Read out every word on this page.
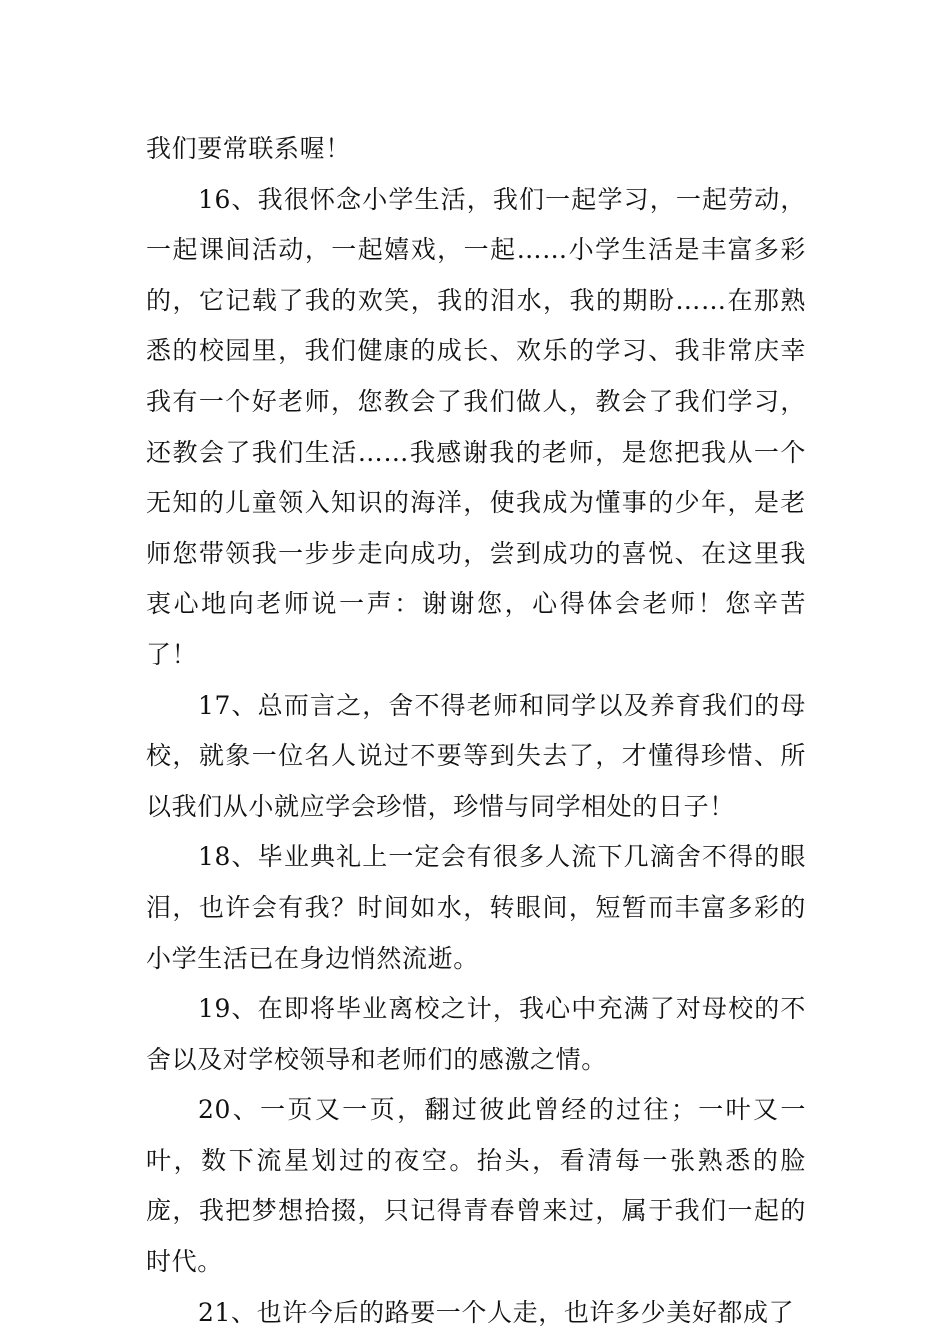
我们要常联系喔！

16、我很怀念小学生活，我们一起学习，一起劳动，一起课间活动，一起嬉戏，一起……小学生活是丰富多彩的，它记载了我的欢笑，我的泪水，我的期盼……在那熟悉的校园里，我们健康的成长、欢乐的学习、我非常庆幸我有一个好老师，您教会了我们做人，教会了我们学习，还教会了我们生活……我感谢我的老师，是您把我从一个无知的儿童领入知识的海洋，使我成为懂事的少年，是老师您带领我一步步走向成功，尝到成功的喜悦、在这里我衷心地向老师说一声：谢谢您，心得体会老师！您辛苦了！

17、总而言之，舍不得老师和同学以及养育我们的母校，就象一位名人说过不要等到失去了，才懂得珍惜、所以我们从小就应学会珍惜，珍惜与同学相处的日子！

18、毕业典礼上一定会有很多人流下几滴舍不得的眼泪，也许会有我？时间如水，转眼间，短暂而丰富多彩的小学生活已在身边悄然流逝。

19、在即将毕业离校之计，我心中充满了对母校的不舍以及对学校领导和老师们的感激之情。

20、一页又一页，翻过彼此曾经的过往；一叶又一叶，数下流星划过的夜空。抬头，看清每一张熟悉的脸庞，我把梦想拾掇，只记得青春曾来过，属于我们一起的时代。

21、也许今后的路要一个人走，也许多少美好都成了
